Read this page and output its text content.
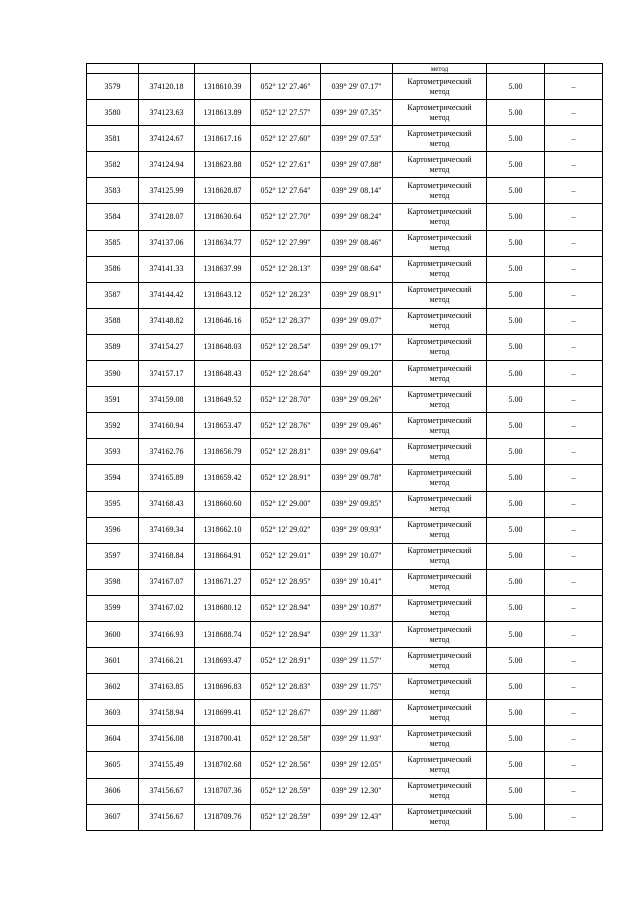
					метод		
3579	374120.18	1318610.39	052° 12' 27.46"	039° 29' 07.17"	Картометрический
метод	5.00	–
3580	374123.63	1318613.89	052° 12' 27.57"	039° 29' 07.35"	Картометрический
метод	5.00	–
3581	374124.67	1318617.16	052° 12' 27.60"	039° 29' 07.53"	Картометрический
метод	5.00	–
3582	374124.94	1318623.88	052° 12' 27.61"	039° 29' 07.88"	Картометрический
метод	5.00	–
3583	374125.99	1318628.87	052° 12' 27.64"	039° 29' 08.14"	Картометрический
метод	5.00	–
3584	374128.07	1318630.64	052° 12' 27.70"	039° 29' 08.24"	Картометрический
метод	5.00	–
3585	374137.06	1318634.77	052° 12' 27.99"	039° 29' 08.46"	Картометрический
метод	5.00	–
3586	374141.33	1318637.99	052° 12' 28.13"	039° 29' 08.64"	Картометрический
метод	5.00	–
3587	374144.42	1318643.12	052° 12' 28.23"	039° 29' 08.91"	Картометрический
метод	5.00	–
3588	374148.82	1318646.16	052° 12' 28.37"	039° 29' 09.07"	Картометрический
метод	5.00	–
3589	374154.27	1318648.03	052° 12' 28.54"	039° 29' 09.17"	Картометрический
метод	5.00	–
3590	374157.17	1318648.43	052° 12' 28.64"	039° 29' 09.20"	Картометрический
метод	5.00	–
3591	374159.08	1318649.52	052° 12' 28.70"	039° 29' 09.26"	Картометрический
метод	5.00	–
3592	374160.94	1318653.47	052° 12' 28.76"	039° 29' 09.46"	Картометрический
метод	5.00	–
3593	374162.76	1318656.79	052° 12' 28.81"	039° 29' 09.64"	Картометрический
метод	5.00	–
3594	374165.89	1318659.42	052° 12' 28.91"	039° 29' 09.78"	Картометрический
метод	5.00	–
3595	374168.43	1318660.60	052° 12' 29.00"	039° 29' 09.85"	Картометрический
метод	5.00	–
3596	374169.34	1318662.10	052° 12' 29.02"	039° 29' 09.93"	Картометрический
метод	5.00	–
3597	374168.84	1318664.91	052° 12' 29.01"	039° 29' 10.07"	Картометрический
метод	5.00	–
3598	374167.07	1318671.27	052° 12' 28.95"	039° 29' 10.41"	Картометрический
метод	5.00	–
3599	374167.02	1318680.12	052° 12' 28.94"	039° 29' 10.87"	Картометрический
метод	5.00	–
3600	374166.93	1318688.74	052° 12' 28.94"	039° 29' 11.33"	Картометрический
метод	5.00	–
3601	374166.21	1318693.47	052° 12' 28.91"	039° 29' 11.57"	Картометрический
метод	5.00	–
3602	374163.85	1318696.83	052° 12' 28.83"	039° 29' 11.75"	Картометрический
метод	5.00	–
3603	374158.94	1318699.41	052° 12' 28.67"	039° 29' 11.88"	Картометрический
метод	5.00	–
3604	374156.08	1318700.41	052° 12' 28.58"	039° 29' 11.93"	Картометрический
метод	5.00	–
3605	374155.49	1318702.68	052° 12' 28.56"	039° 29' 12.05"	Картометрический
метод	5.00	–
3606	374156.67	1318707.36	052° 12' 28.59"	039° 29' 12.30"	Картометрический
метод	5.00	–
3607	374156.67	1318709.76	052° 12' 28.59"	039° 29' 12.43"	Картометрический
метод	5.00	–
